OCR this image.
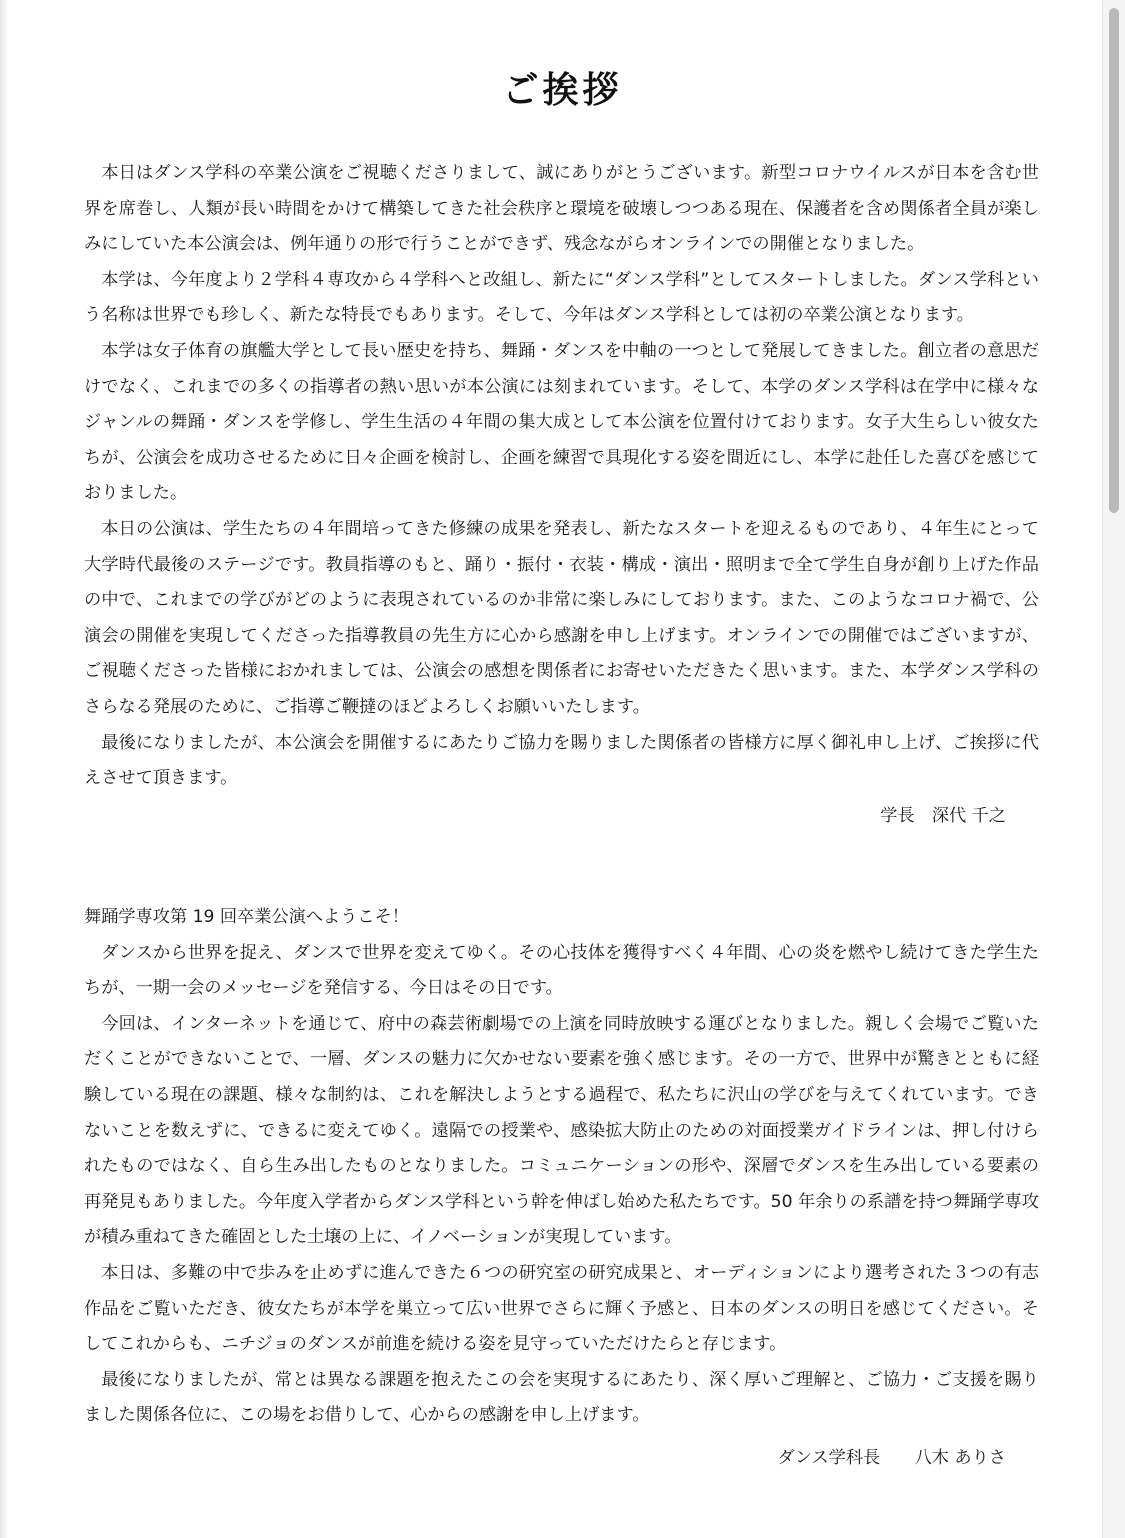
ご挨拶

本日はダンス学科の卒業公演をご視聴くださりまして、誠にありがとうございます。新型コロナウイルスが日本を含む世界を席巻し、人類が長い時間をかけて構築してきた社会秩序と環境を破壊しつつある現在、保護者を含め関係者全員が楽しみにしていた本公演会は、例年通りの形で行うことができず、残念ながらオンラインでの開催となりました。

本学は、今年度より２学科４専攻から４学科へと改組し、新たに“ダンス学科”としてスタートしました。ダンス学科という名称は世界でも珍しく、新たな特長でもあります。そして、今年はダンス学科としては初の卒業公演となります。

本学は女子体育の旗艦大学として長い歴史を持ち、舞踊・ダンスを中軸の一つとして発展してきました。創立者の意思だけでなく、これまでの多くの指導者の熱い思いが本公演には刻まれています。そして、本学のダンス学科は在学中に様々なジャンルの舞踊・ダンスを学修し、学生生活の４年間の集大成として本公演を位置付けております。女子大生らしい彼女たちが、公演会を成功させるために日々企画を検討し、企画を練習で具現化する姿を間近にし、本学に赴任した喜びを感じておりました。

本日の公演は、学生たちの４年間培ってきた修練の成果を発表し、新たなスタートを迎えるものであり、４年生にとって大学時代最後のステージです。教員指導のもと、踊り・振付・衣装・構成・演出・照明まで全て学生自身が創り上げた作品の中で、これまでの学びがどのように表現されているのか非常に楽しみにしております。また、このようなコロナ禍で、公演会の開催を実現してくださった指導教員の先生方に心から感謝を申し上げます。オンラインでの開催ではございますが、ご視聴くださった皆様におかれましては、公演会の感想を関係者にお寄せいただきたく思います。また、本学ダンス学科のさらなる発展のために、ご指導ご鞭撻のほどよろしくお願いいたします。

最後になりましたが、本公演会を開催するにあたりご協力を賜りました関係者の皆様方に厚く御礼申し上げ、ご挨拶に代えさせて頂きます。

学長　深代 千之

舞踊学専攻第 19 回卒業公演へようこそ！

ダンスから世界を捉え、ダンスで世界を変えてゆく。その心技体を獲得すべく４年間、心の炎を燃やし続けてきた学生たちが、一期一会のメッセージを発信する、今日はその日です。

今回は、インターネットを通じて、府中の森芸術劇場での上演を同時放映する運びとなりました。親しく会場でご覧いただくことができないことで、一層、ダンスの魅力に欠かせない要素を強く感じます。その一方で、世界中が驚きとともに経験している現在の課題、様々な制約は、これを解決しようとする過程で、私たちに沢山の学びを与えてくれています。できないことを数えずに、できるに変えてゆく。遠隔での授業や、感染拡大防止のための対面授業ガイドラインは、押し付けられたものではなく、自ら生み出したものとなりました。コミュニケーションの形や、深層でダンスを生み出している要素の再発見もありました。今年度入学者からダンス学科という幹を伸ばし始めた私たちです。50 年余りの系譜を持つ舞踊学専攻が積み重ねてきた確固とした土壌の上に、イノベーションが実現しています。

本日は、多難の中で歩みを止めずに進んできた６つの研究室の研究成果と、オーディションにより選考された３つの有志作品をご覧いただき、彼女たちが本学を巣立って広い世界でさらに輝く予感と、日本のダンスの明日を感じてください。そしてこれからも、ニチジョのダンスが前進を続ける姿を見守っていただけたらと存じます。

最後になりましたが、常とは異なる課題を抱えたこの会を実現するにあたり、深く厚いご理解と、ご協力・ご支援を賜りました関係各位に、この場をお借りして、心からの感謝を申し上げます。

ダンス学科長　　八木 ありさ
